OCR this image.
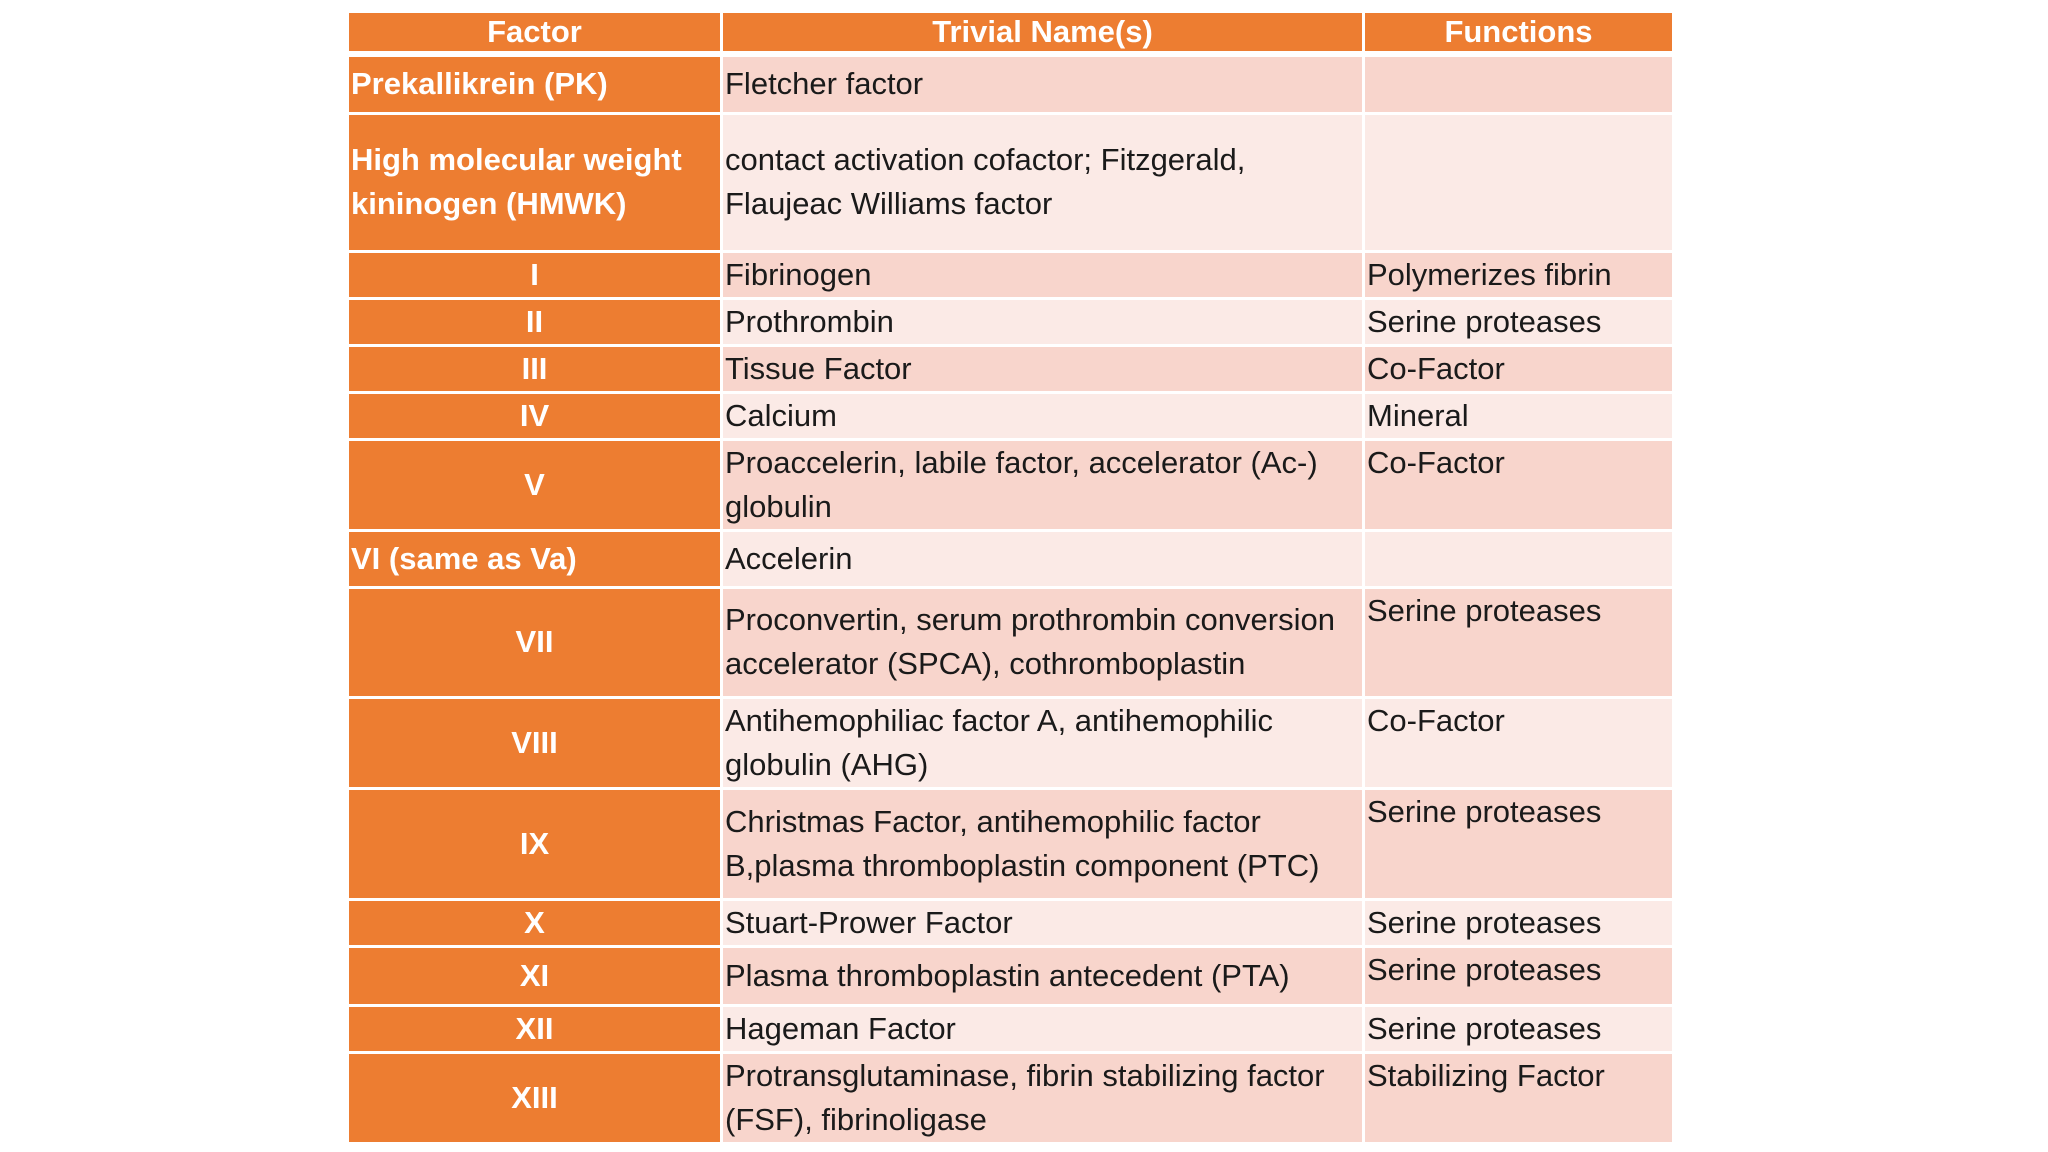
Factor	Trivial Name(s)	Functions
Prekallikrein (PK)	Fletcher factor	
High molecular weight kininogen (HMWK)	contact activation cofactor; Fitzgerald, Flaujeac Williams factor	
I	Fibrinogen	Polymerizes fibrin
II	Prothrombin	Serine proteases
III	Tissue Factor	Co-Factor
IV	Calcium	Mineral
V	Proaccelerin, labile factor, accelerator (Ac-) globulin	Co-Factor
VI (same as Va)	Accelerin	
VII	Proconvertin, serum prothrombin conversion accelerator (SPCA), cothromboplastin	Serine proteases
VIII	Antihemophiliac factor A, antihemophilic globulin (AHG)	Co-Factor
IX	Christmas Factor, antihemophilic factor B,plasma thromboplastin component (PTC)	Serine proteases
X	Stuart-Prower Factor	Serine proteases
XI	Plasma thromboplastin antecedent (PTA)	Serine proteases
XII	Hageman Factor	Serine proteases
XIII	Protransglutaminase, fibrin stabilizing factor (FSF), fibrinoligase	Stabilizing Factor
